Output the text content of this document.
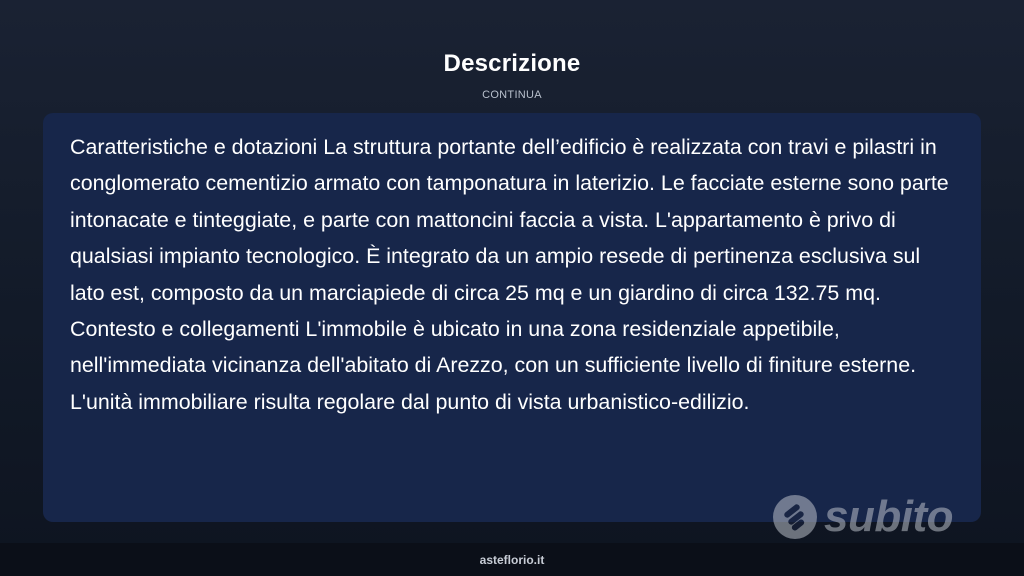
Descrizione
CONTINUA

Caratteristiche e dotazioni La struttura portante dell’edificio è realizzata con travi e pilastri in conglomerato cementizio armato con tamponatura in laterizio. Le facciate esterne sono parte intonacate e tinteggiate, e parte con mattoncini faccia a vista. L'appartamento è privo di qualsiasi impianto tecnologico. È integrato da un ampio resede di pertinenza esclusiva sul lato est, composto da un marciapiede di circa 25 mq e un giardino di circa 132.75 mq. Contesto e collegamenti L'immobile è ubicato in una zona residenziale appetibile, nell'immediata vicinanza dell'abitato di Arezzo, con un sufficiente livello di finiture esterne. L'unità immobiliare risulta regolare dal punto di vista urbanistico-edilizio.

subito
asteflorio.it
